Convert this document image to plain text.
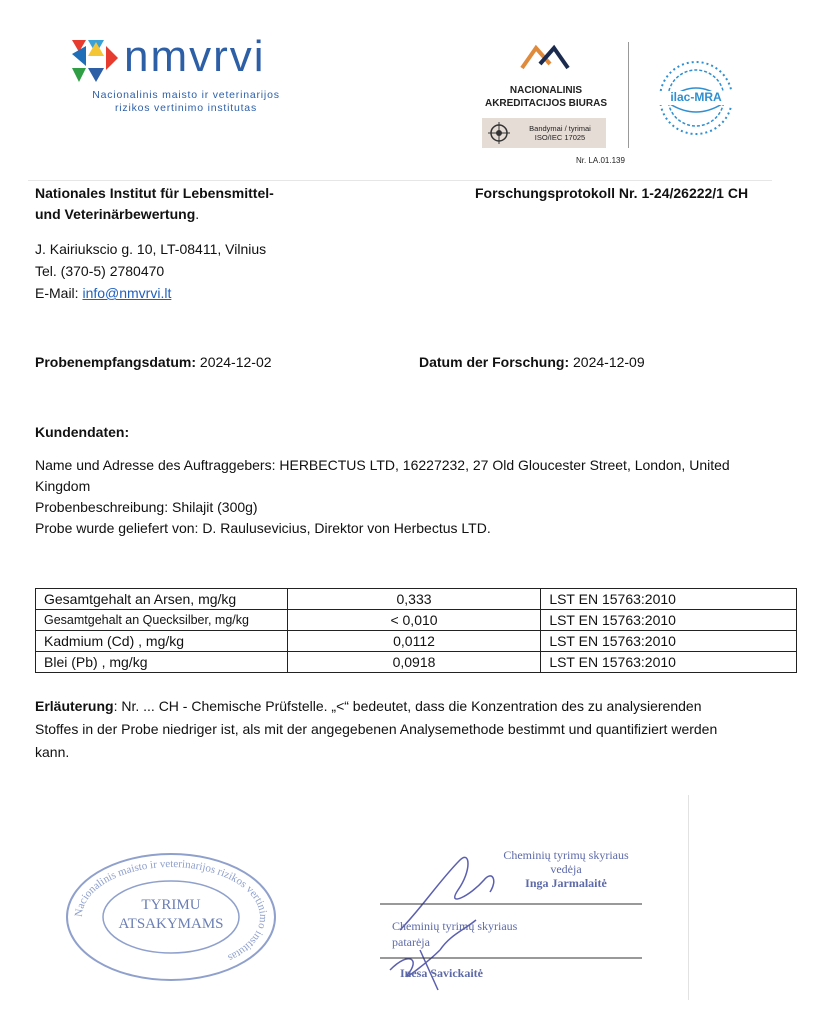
nmvrvi
Nacionalinis maisto ir veterinarijos
rizikos vertinimo institutas
NACIONALINIS
AKREDITACIJOS BIURAS
Bandymai / tyrimai
ISO/IEC 17025
Nr. LA.01.139
ilac-MRA
Nationales Institut für Lebensmittel-
und Veterinärbewertung.
Forschungsprotokoll Nr. 1-24/26222/1 CH
J. Kairiukscio g. 10, LT-08411, Vilnius
Tel. (370-5) 2780470
E-Mail: info@nmvrvi.lt
Probenempfangsdatum: 2024-12-02	Datum der Forschung: 2024-12-09
Kundendaten:
Name und Adresse des Auftraggebers: HERBECTUS LTD, 16227232, 27 Old Gloucester Street, London, United
Kingdom
Probenbeschreibung: Shilajit (300g)
Probe wurde geliefert von: D. Raulusevicius, Direktor von Herbectus LTD.
Gesamtgehalt an Arsen, mg/kg	0,333	LST EN 15763:2010
Gesamtgehalt an Quecksilber, mg/kg	< 0,010	LST EN 15763:2010
Kadmium (Cd) , mg/kg	0,0112	LST EN 15763:2010
Blei (Pb) , mg/kg	0,0918	LST EN 15763:2010
Erläuterung: Nr. ... CH - Chemische Prüfstelle. „<“ bedeutet, dass die Konzentration des zu analysierenden
Stoffes in der Probe niedriger ist, als mit der angegebenen Analysemethode bestimmt und quantifiziert werden
kann.
Nacionalinis maisto ir veterinarijos rizikos vertinimo institutas
TYRIMU
ATSAKYMAMS
Cheminių tyrimų skyriaus
vedėja
Inga Jarmalaitė
Cheminių tyrimų skyriaus
patarėja
Inesa Savickaitė
